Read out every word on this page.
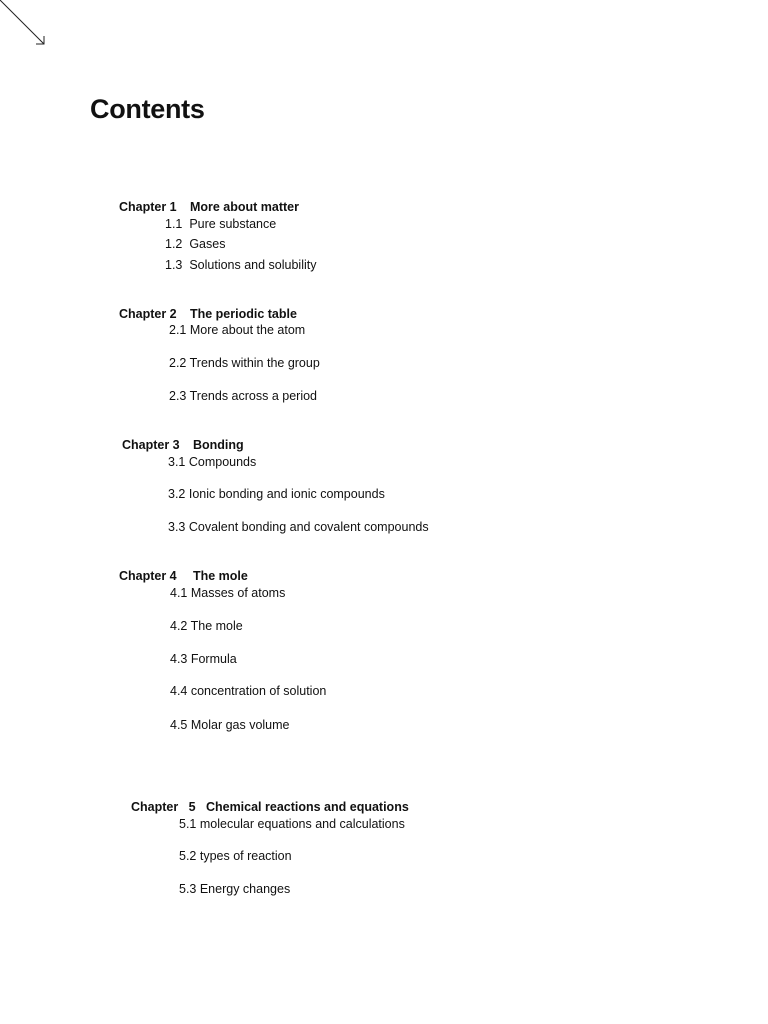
Contents

Chapter 1 More about matter

1.1  Pure substance
1.2  Gases
1.3  Solutions and solubility

Chapter 2 The periodic table

2.1 More about the atom
2.2 Trends within the group
2.3 Trends across a period

Chapter 3 Bonding

3.1 Compounds
3.2 Ionic bonding and ionic compounds
3.3 Covalent bonding and covalent compounds

Chapter 4 The mole

4.1 Masses of atoms
4.2 The mole
4.3 Formula
4.4 concentration of solution
4.5 Molar gas volume

Chapter   5 Chemical reactions and equations

5.1 molecular equations and calculations
5.2 types of reaction
5.3 Energy changes
